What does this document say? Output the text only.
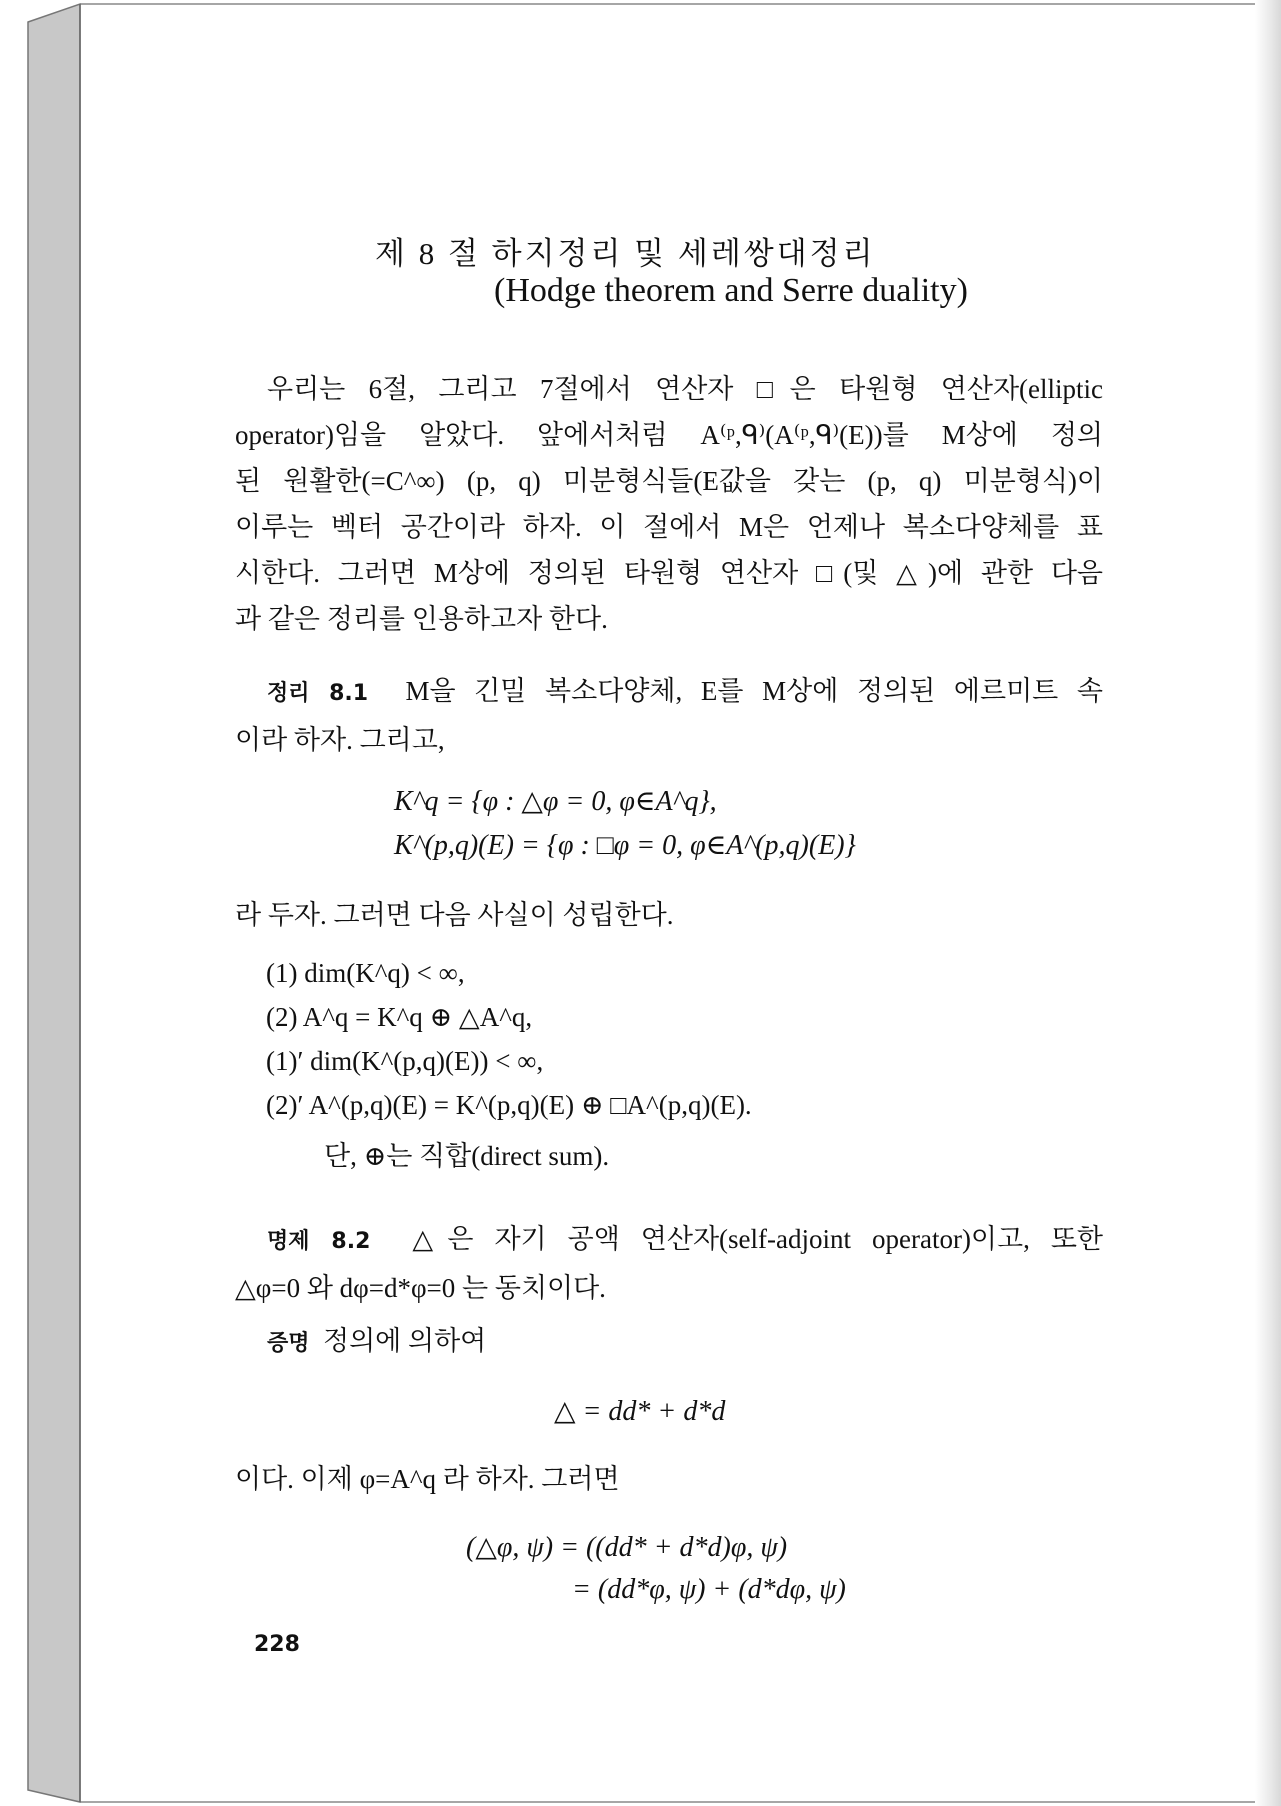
제 8 절 하지정리 및 세레쌍대정리
(Hodge theorem and Serre duality)
우리는 6절, 그리고 7절에서 연산자 □은 타원형 연산자(elliptic
operator)임을 알았다. 앞에서처럼 A⁽ᵖ,ᑫ⁾(A⁽ᵖ,ᑫ⁾(E))를 M상에 정의
된 원활한(=C^∞) (p, q) 미분형식들(E값을 갖는 (p, q) 미분형식)이
이루는 벡터 공간이라 하자. 이 절에서 M은 언제나 복소다양체를 표
시한다. 그러면 M상에 정의된 타원형 연산자 □(및 △)에 관한 다음
과 같은 정리를 인용하고자 한다.
정리 8.1 M을 긴밀 복소다양체, E를 M상에 정의된 에르미트 속
이라 하자. 그리고,
K^q = {φ : △φ = 0, φ∈A^q},
K^(p,q)(E) = {φ : □φ = 0, φ∈A^(p,q)(E)}
라 두자. 그러면 다음 사실이 성립한다.
(1) dim(K^q) < ∞,
(2) A^q = K^q ⊕ △A^q,
(1)′ dim(K^(p,q)(E)) < ∞,
(2)′ A^(p,q)(E) = K^(p,q)(E) ⊕ □A^(p,q)(E).
단, ⊕는 직합(direct sum).
명제 8.2 △은 자기 공액 연산자(self-adjoint operator)이고, 또한
△φ=0 와 dφ=d*φ=0 는 동치이다.
증명 정의에 의하여
△ = dd* + d*d
이다. 이제 φ=A^q 라 하자. 그러면
(△φ, ψ) = ((dd* + d*d)φ, ψ)
= (dd*φ, ψ) + (d*dφ, ψ)
228
